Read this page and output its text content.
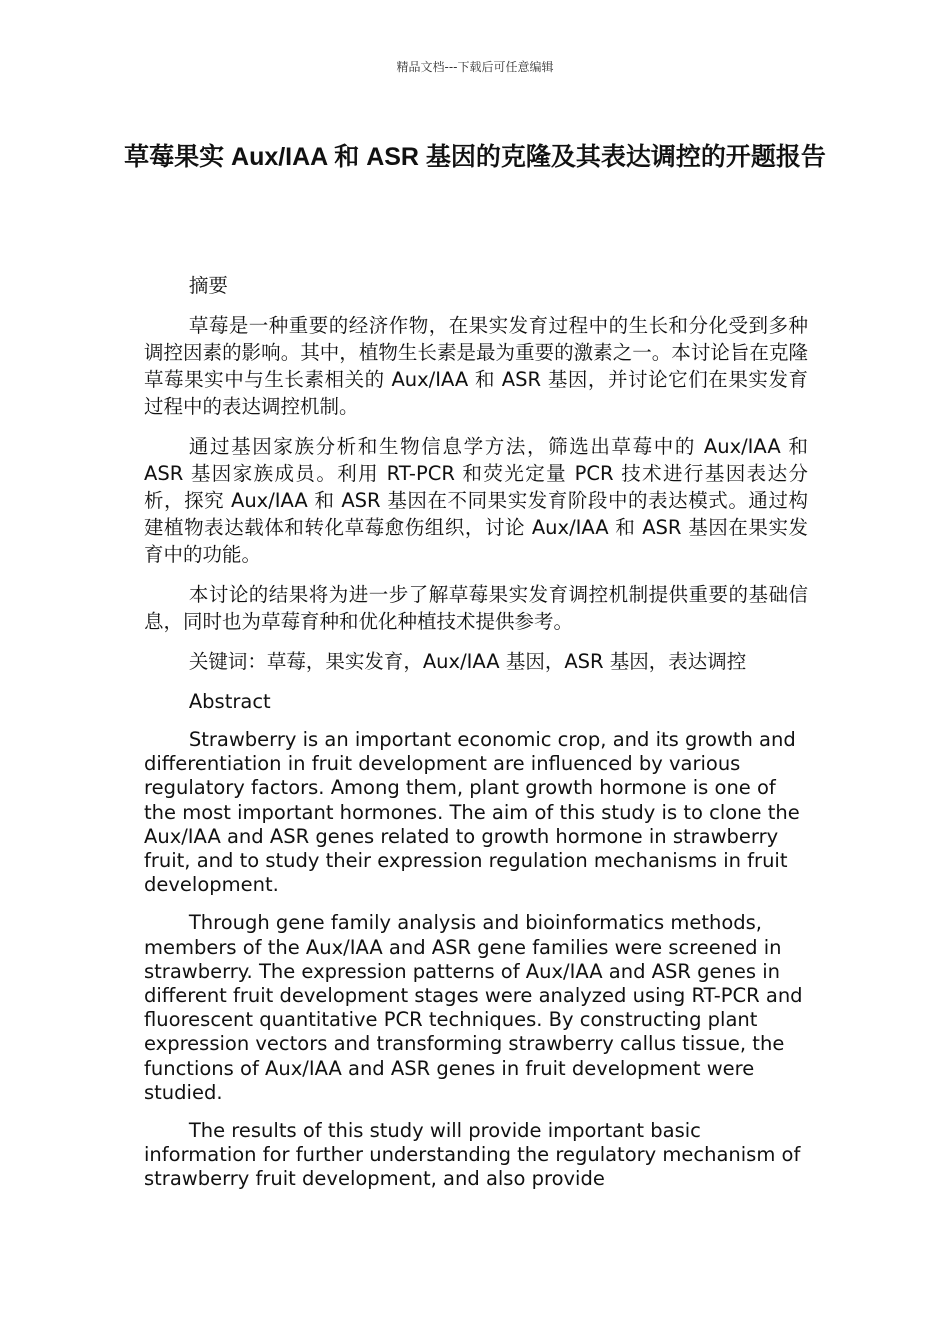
精品文档---下载后可任意编辑
草莓果实 Aux/IAA 和 ASR 基因的克隆及其表达调控的开题报告

摘要

草莓是一种重要的经济作物，在果实发育过程中的生长和分化受到多种调控因素的影响。其中，植物生长素是最为重要的激素之一。本讨论旨在克隆草莓果实中与生长素相关的 Aux/IAA 和 ASR 基因，并讨论它们在果实发育过程中的表达调控机制。

通过基因家族分析和生物信息学方法，筛选出草莓中的 Aux/IAA 和 ASR 基因家族成员。利用 RT-PCR 和荧光定量 PCR 技术进行基因表达分析，探究 Aux/IAA 和 ASR 基因在不同果实发育阶段中的表达模式。通过构建植物表达载体和转化草莓愈伤组织，讨论 Aux/IAA 和 ASR 基因在果实发育中的功能。

本讨论的结果将为进一步了解草莓果实发育调控机制提供重要的基础信息，同时也为草莓育种和优化种植技术提供参考。

关键词：草莓，果实发育，Aux/IAA 基因，ASR 基因，表达调控

Abstract

Strawberry is an important economic crop, and its growth and differentiation in fruit development are influenced by various regulatory factors. Among them, plant growth hormone is one of the most important hormones. The aim of this study is to clone the Aux/IAA and ASR genes related to growth hormone in strawberry fruit, and to study their expression regulation mechanisms in fruit development.

Through gene family analysis and bioinformatics methods, members of the Aux/IAA and ASR gene families were screened in strawberry. The expression patterns of Aux/IAA and ASR genes in different fruit development stages were analyzed using RT-PCR and fluorescent quantitative PCR techniques. By constructing plant expression vectors and transforming strawberry callus tissue, the functions of Aux/IAA and ASR genes in fruit development were studied.

The results of this study will provide important basic information for further understanding the regulatory mechanism of strawberry fruit development, and also provide
